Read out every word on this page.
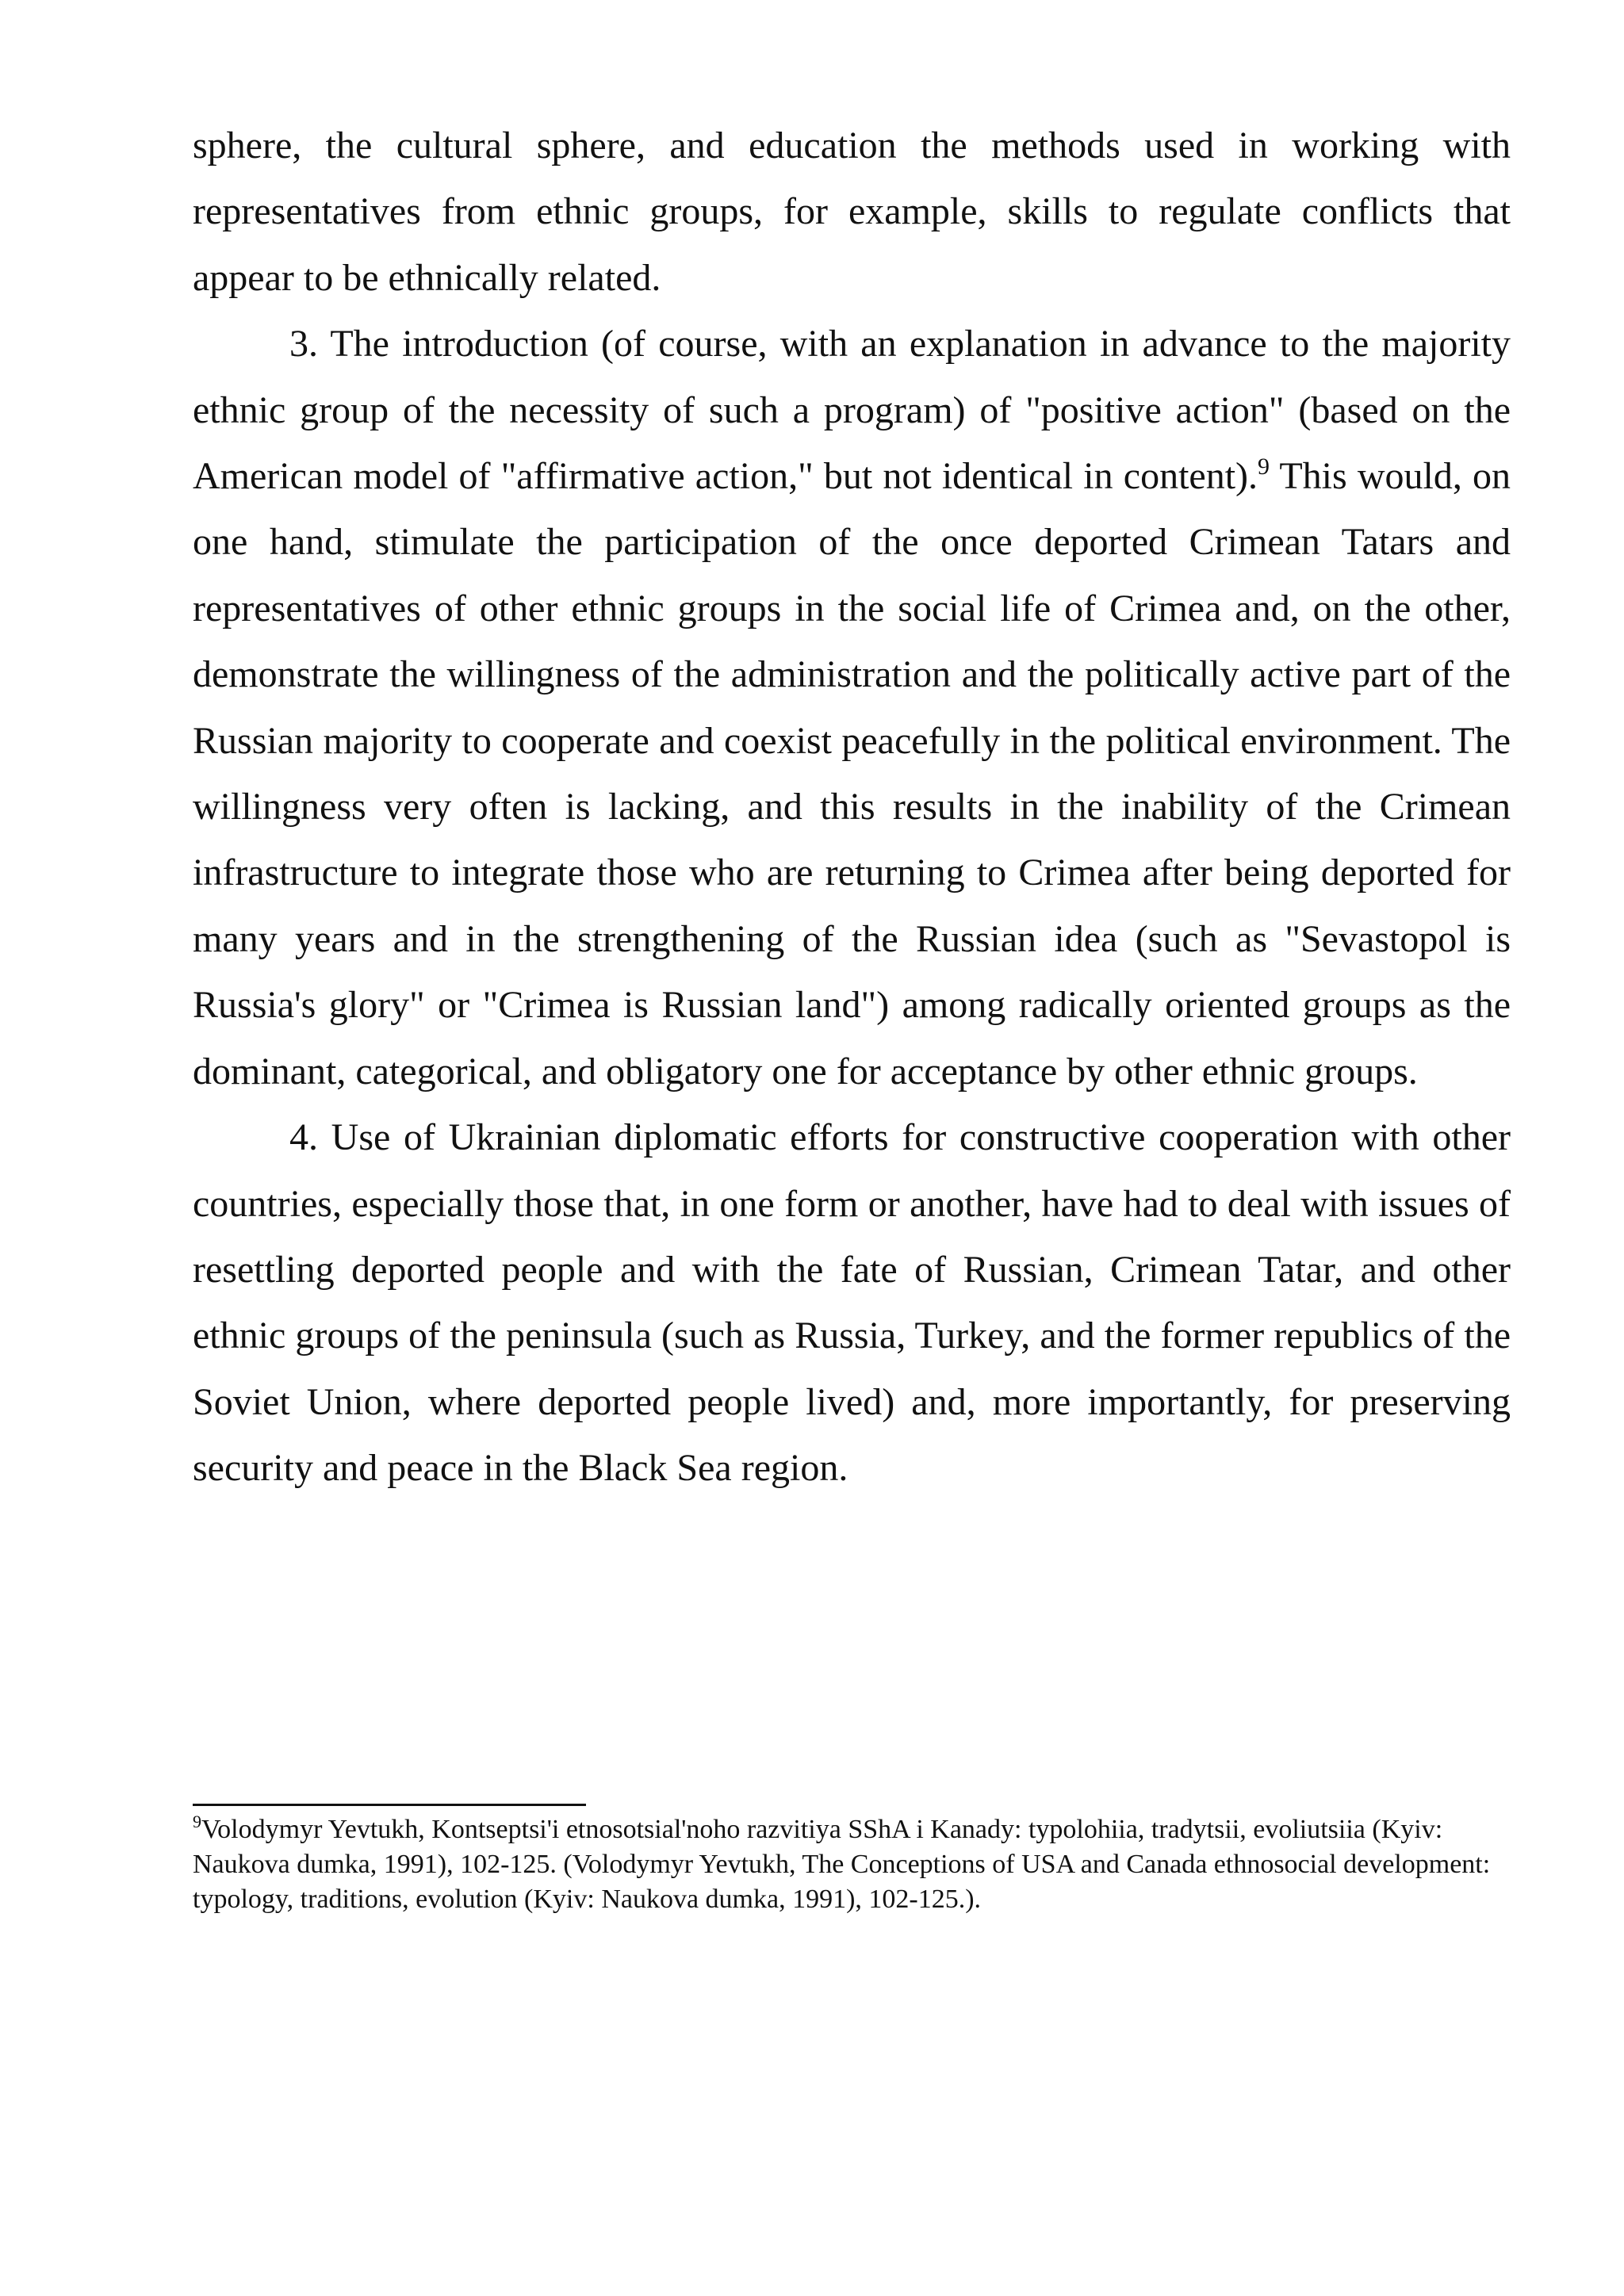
sphere, the cultural sphere, and education the methods used in working with representatives from ethnic groups, for example, skills to regulate conflicts that appear to be ethnically related.

3. The introduction (of course, with an explanation in advance to the majority ethnic group of the necessity of such a program) of "positive action" (based on the American model of "affirmative action," but not identical in content).$^9$ This would, on one hand, stimulate the participation of the once deported Crimean Tatars and representatives of other ethnic groups in the social life of Crimea and, on the other, demonstrate the willingness of the administration and the politically active part of the Russian majority to cooperate and coexist peacefully in the political environment. The willingness very often is lacking, and this results in the inability of the Crimean infrastructure to integrate those who are returning to Crimea after being deported for many years and in the strengthening of the Russian idea (such as "Sevastopol is Russia's glory" or "Crimea is Russian land") among radically oriented groups as the dominant, categorical, and obligatory one for acceptance by other ethnic groups.

4. Use of Ukrainian diplomatic efforts for constructive cooperation with other countries, especially those that, in one form or another, have had to deal with issues of resettling deported people and with the fate of Russian, Crimean Tatar, and other ethnic groups of the peninsula (such as Russia, Turkey, and the former republics of the Soviet Union, where deported people lived) and, more importantly, for preserving security and peace in the Black Sea region.

$^9$Volodymyr Yevtukh, Kontseptsi'i etnosotsial'noho razvitiya SShA i Kanady: typolohiia, tradytsii, evoliutsiia (Kyiv: Naukova dumka, 1991), 102-125. (Volodymyr Yevtukh, The Conceptions of USA and Canada ethnosocial development: typology, traditions, evolution (Kyiv: Naukova dumka, 1991), 102-125.).
